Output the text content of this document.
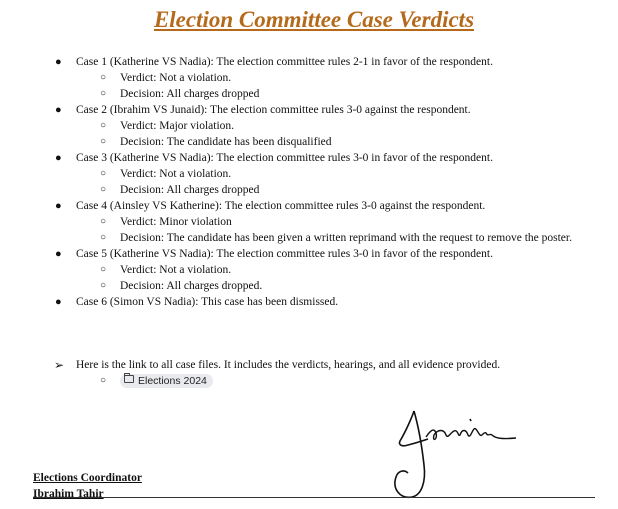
Election Committee Case Verdicts
● Case 1 (Katherine VS Nadia): The election committee rules 2-1 in favor of the respondent.
○ Verdict: Not a violation.
○ Decision: All charges dropped
● Case 2 (Ibrahim VS Junaid): The election committee rules 3-0 against the respondent.
○ Verdict: Major violation.
○ Decision: The candidate has been disqualified
● Case 3 (Katherine VS Nadia): The election committee rules 3-0 in favor of the respondent.
○ Verdict: Not a violation.
○ Decision: All charges dropped
● Case 4 (Ainsley VS Katherine): The election committee rules 3-0 against the respondent.
○ Verdict: Minor violation
○ Decision: The candidate has been given a written reprimand with the request to remove the poster.
● Case 5 (Katherine VS Nadia): The election committee rules 3-0 in favor of the respondent.
○ Verdict: Not a violation.
○ Decision: All charges dropped.
● Case 6 (Simon VS Nadia): This case has been dismissed.
➢ Here is the link to all case files. It includes the verdicts, hearings, and all evidence provided.
○	Elections 2024
Elections Coordinator
Ibrahim Tahir
